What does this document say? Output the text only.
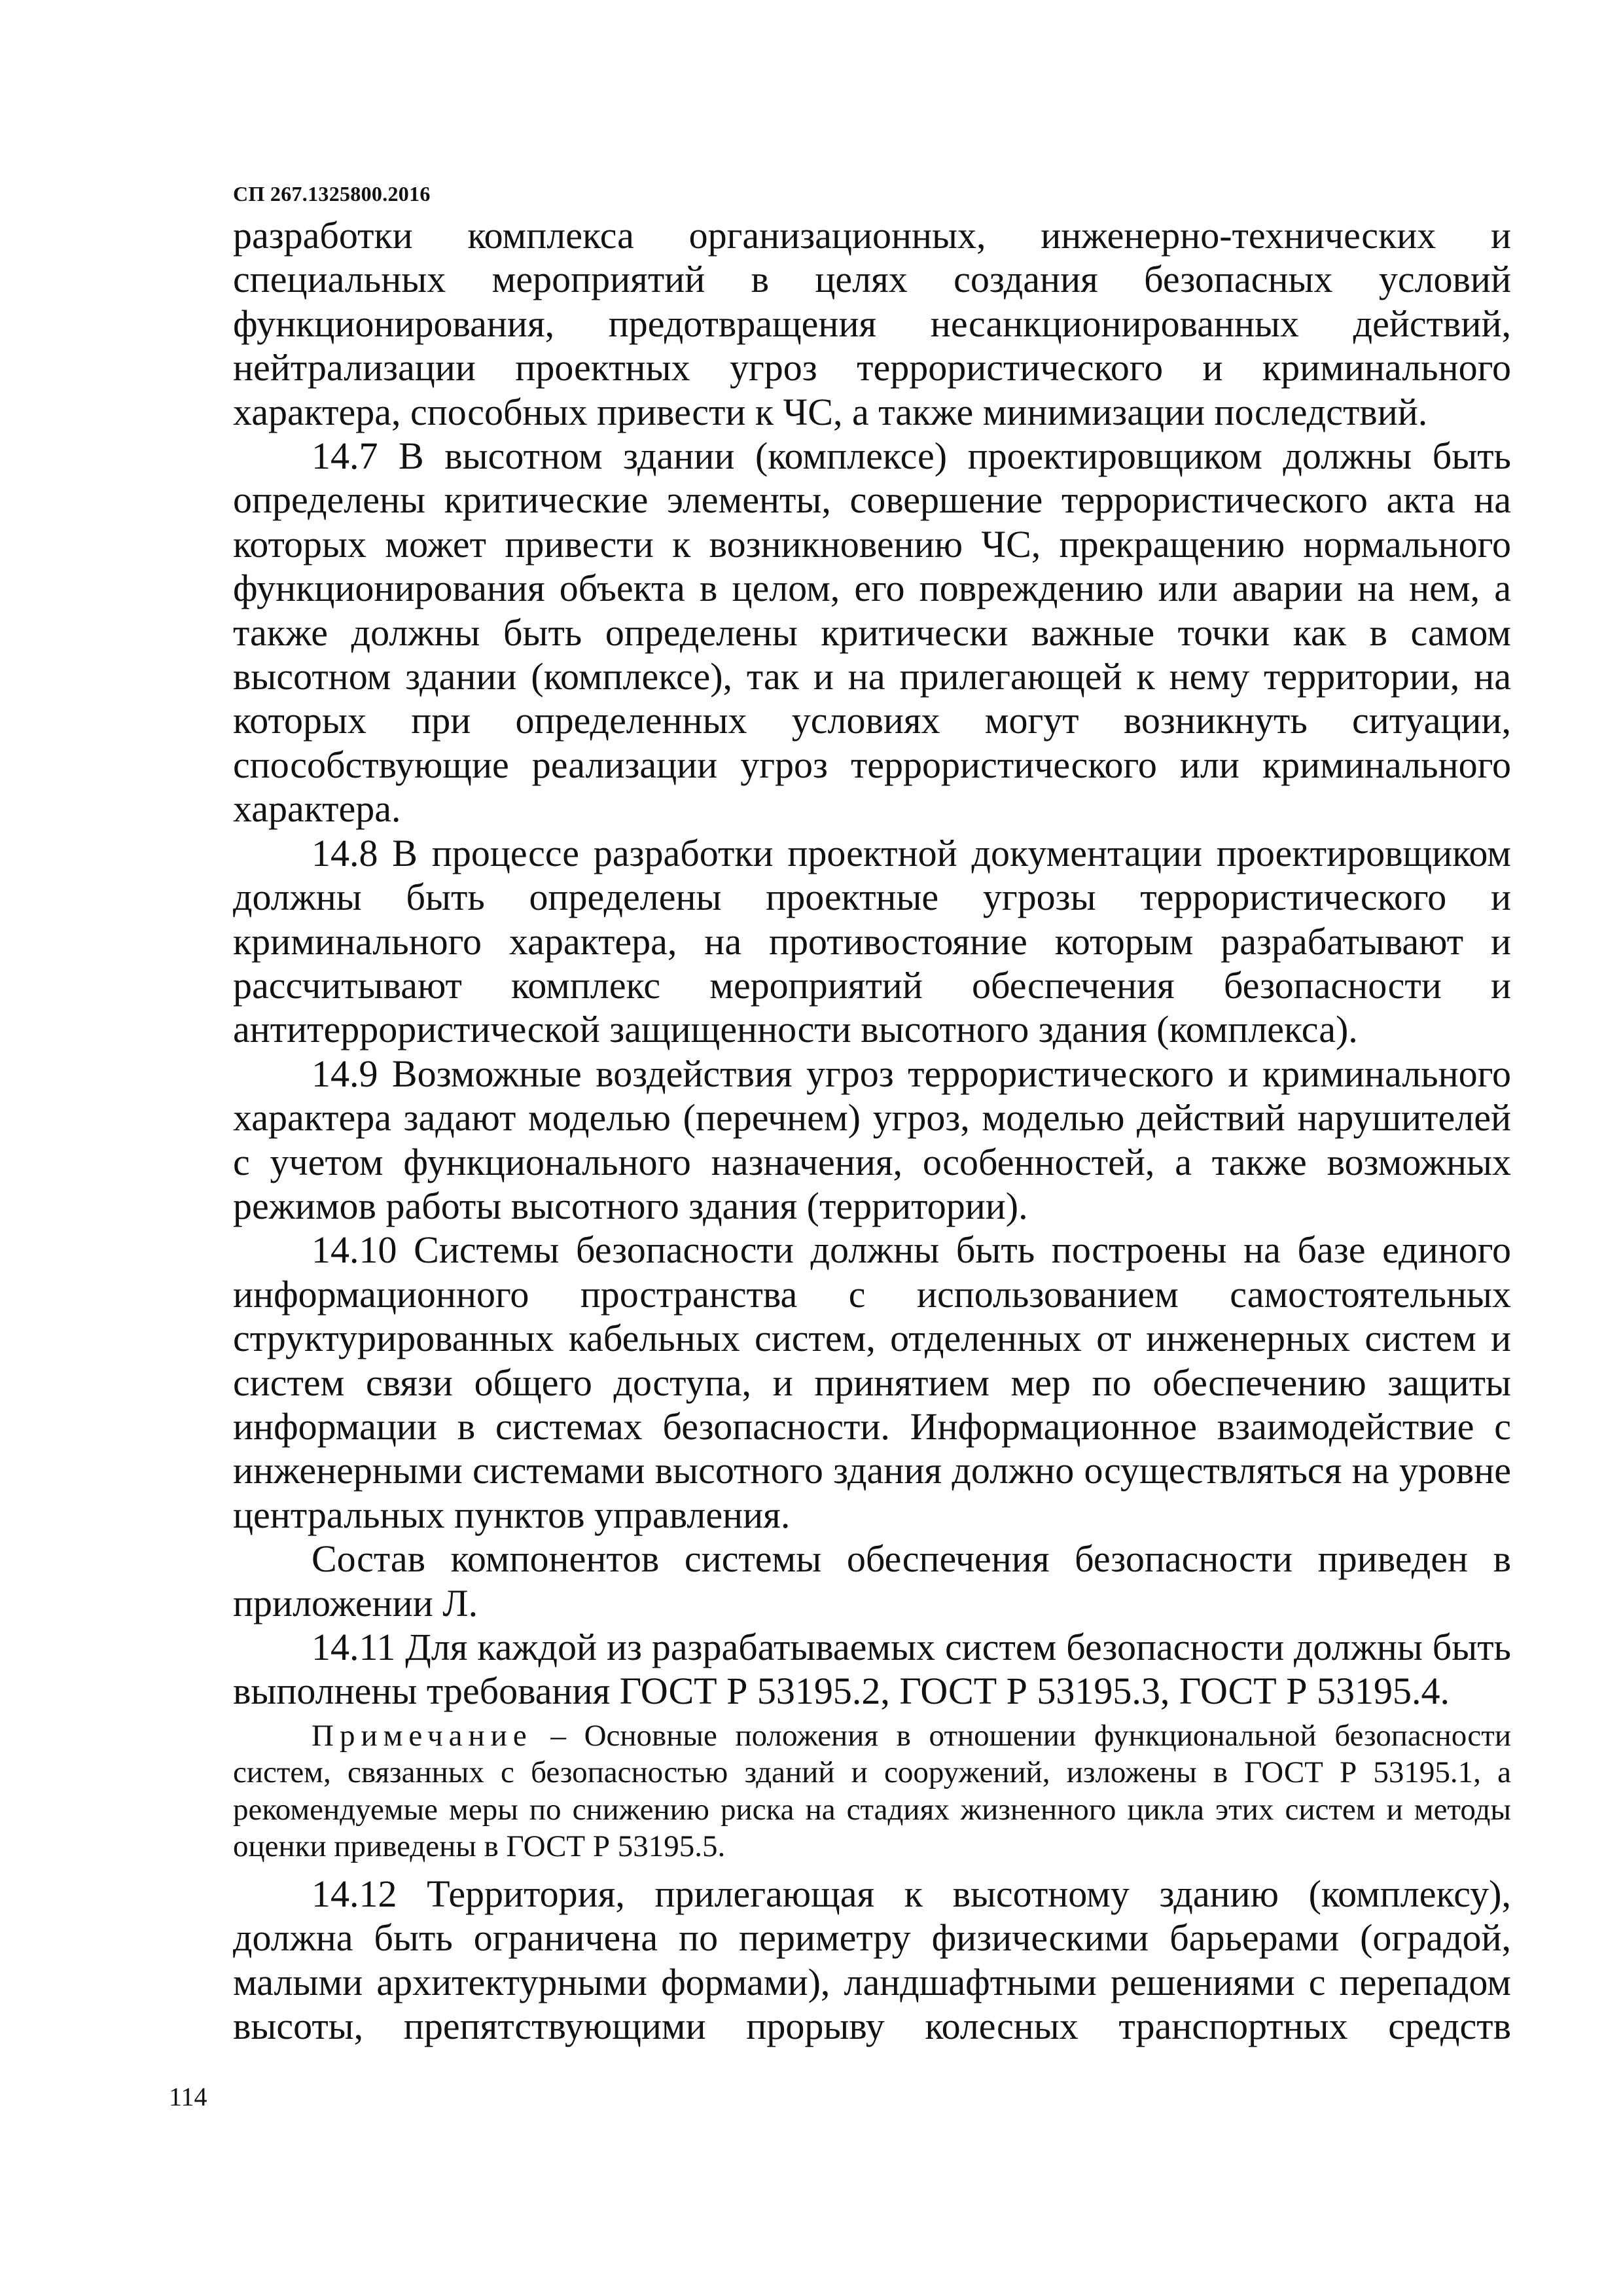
СП 267.1325800.2016

разработки комплекса организационных, инженерно-технических и специальных мероприятий в целях создания безопасных условий функционирования, предотвращения несанкционированных действий, нейтрализации проектных угроз террористического и криминального характера, способных привести к ЧС, а также минимизации последствий.

14.7 В высотном здании (комплексе) проектировщиком должны быть определены критические элементы, совершение террористического акта на которых может привести к возникновению ЧС, прекращению нормального функционирования объекта в целом, его повреждению или аварии на нем, а также должны быть определены критически важные точки как в самом высотном здании (комплексе), так и на прилегающей к нему территории, на которых при определенных условиях могут возникнуть ситуации, способствующие реализации угроз террористического или криминального характера.

14.8 В процессе разработки проектной документации проектировщиком должны быть определены проектные угрозы террористического и криминального характера, на противостояние которым разрабатывают и рассчитывают комплекс мероприятий обеспечения безопасности и антитеррористической защищенности высотного здания (комплекса).

14.9 Возможные воздействия угроз террористического и криминального характера задают моделью (перечнем) угроз, моделью действий нарушителей с учетом функционального назначения, особенностей, а также возможных режимов работы высотного здания (территории).

14.10 Системы безопасности должны быть построены на базе единого информационного пространства с использованием самостоятельных структурированных кабельных систем, отделенных от инженерных систем и систем связи общего доступа, и принятием мер по обеспечению защиты информации в системах безопасности. Информационное взаимодействие с инженерными системами высотного здания должно осуществляться на уровне центральных пунктов управления.

Состав компонентов системы обеспечения безопасности приведен в приложении Л.

14.11 Для каждой из разрабатываемых систем безопасности должны быть выполнены требования ГОСТ Р 53195.2, ГОСТ Р 53195.3, ГОСТ Р 53195.4.

Примечание – Основные положения в отношении функциональной безопасности систем, связанных с безопасностью зданий и сооружений, изложены в ГОСТ Р 53195.1, а рекомендуемые меры по снижению риска на стадиях жизненного цикла этих систем и методы оценки приведены в ГОСТ Р 53195.5.

14.12 Территория, прилегающая к высотному зданию (комплексу), должна быть ограничена по периметру физическими барьерами (оградой, малыми архитектурными формами), ландшафтными решениями с перепадом высоты, препятствующими прорыву колесных транспортных средств

114
